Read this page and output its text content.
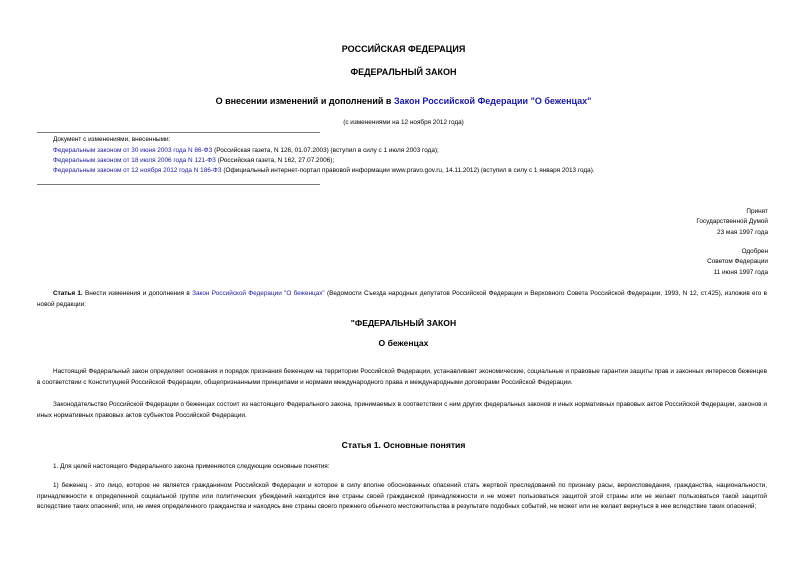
РОССИЙСКАЯ ФЕДЕРАЦИЯ
ФЕДЕРАЛЬНЫЙ ЗАКОН
О внесении изменений и дополнений в Закон Российской Федерации "О беженцах"
(с изменениями на 12 ноября 2012 года)
Документ с изменениями, внесенными:
Федеральным законом от 30 июня 2003 года N 86-ФЗ (Российская газета, N 126, 01.07.2003) (вступил в силу с 1 июля 2003 года);
Федеральным законом от 18 июля 2006 года N 121-ФЗ (Российская газета, N 162, 27.07.2006);
Федеральным законом от 12 ноября 2012 года N 186-ФЗ (Официальный интернет-портал правовой информации www.pravo.gov.ru, 14.11.2012) (вступил в силу с 1 января 2013 года).
Принят
Государственной Думой
23 мая 1997 года
Одобрен
Советом Федерации
11 июня 1997 года
Статья 1. Внести изменения и дополнения в Закон Российской Федерации "О беженцах" (Ведомости Съезда народных депутатов Российской Федерации и Верховного Совета Российской Федерации, 1993, N 12, ст.425), изложив его в новой редакции:
"ФЕДЕРАЛЬНЫЙ ЗАКОН
О беженцах
Настоящий Федеральный закон определяет основания и порядок признания беженцем на территории Российской Федерации, устанавливает экономические, социальные и правовые гарантии защиты прав и законных интересов беженцев в соответствии с Конституцией Российской Федерации, общепризнанными принципами и нормами международного права и международными договорами Российской Федерации.
Законодательство Российской Федерации о беженцах состоит из настоящего Федерального закона, принимаемых в соответствии с ним других федеральных законов и иных нормативных правовых актов Российской Федерации, законов и иных нормативных правовых актов субъектов Российской Федерации.
Статья 1. Основные понятия
1. Для целей настоящего Федерального закона применяются следующие основные понятия:
1) беженец - это лицо, которое не является гражданином Российской Федерации и которое в силу вполне обоснованных опасений стать жертвой преследований по признаку расы, вероисповедания, гражданства, национальности, принадлежности к определенной социальной группе или политических убеждений находится вне страны своей гражданской принадлежности и не может пользоваться защитой этой страны или не желает пользоваться такой защитой вследствие таких опасений; или, не имея определенного гражданства и находясь вне страны своего прежнего обычного местожительства в результате подобных событий, не может или не желает вернуться в нее вследствие таких опасений;
